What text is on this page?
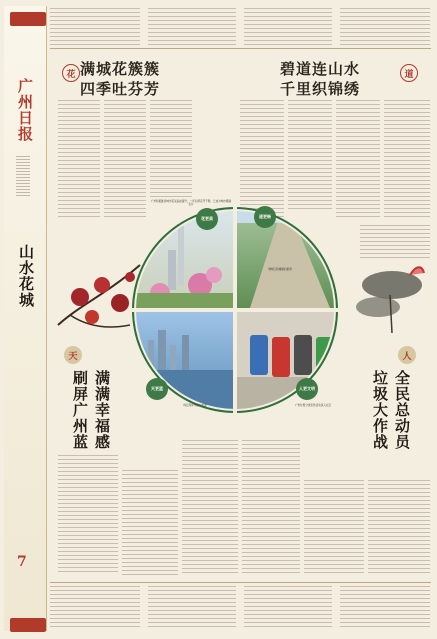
广州日报
山水花城
7
花 满城花簇簇
四季吐芬芳
广州积极推进城市花景品质提升，一年四季花开不断，已成为城市靓丽名片
碧道连山水
千里织锦绣
道
花更美	道更畅
天更蓝	人更文明
增城区新塘镇的碧道
天
满满幸福感
刷屏广州蓝	珠江两岸尽显广州蓝
人
全民总动员
垃圾大作战
广州垃圾分类宣传活动深入社区
